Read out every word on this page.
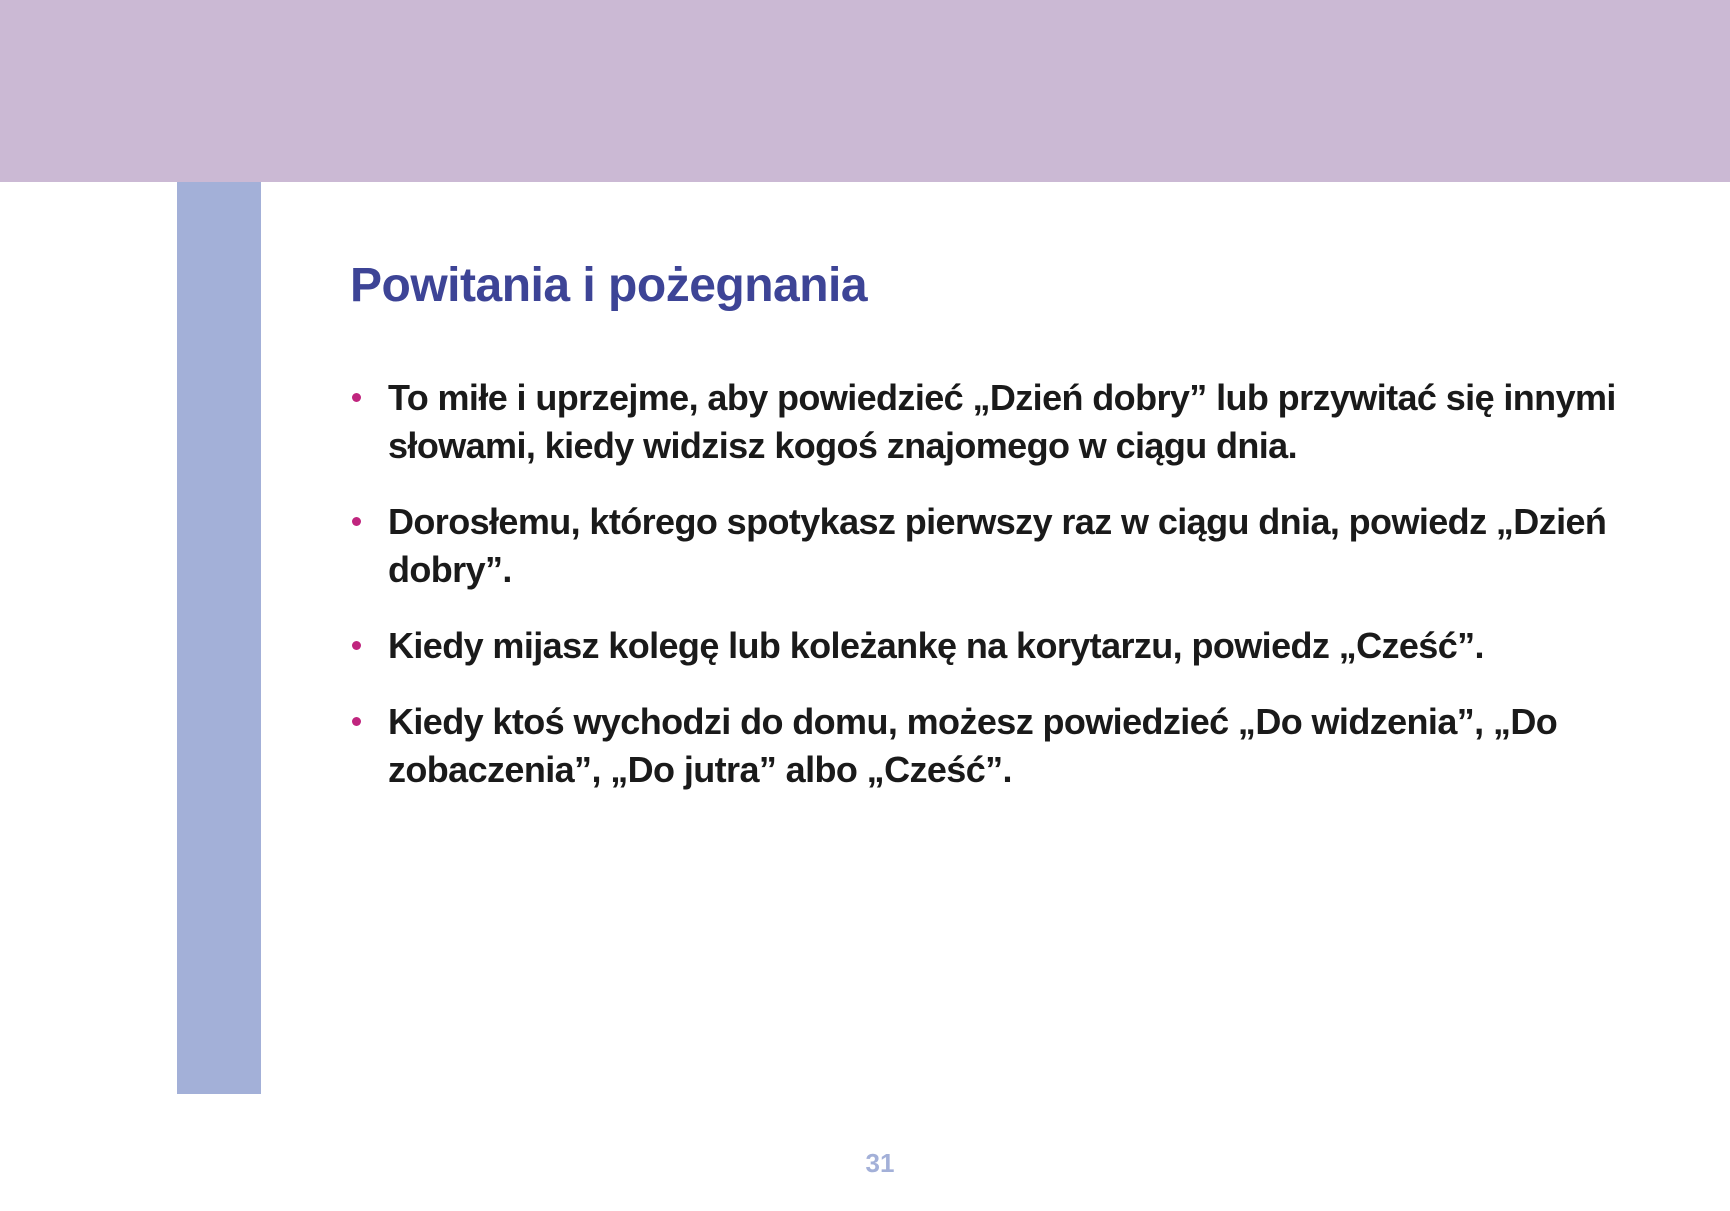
Powitania i pożegnania
To miłe i uprzejme, aby powiedzieć „Dzień dobry” lub przywitać się innymi słowami, kiedy widzisz kogoś znajomego w ciągu dnia.
Dorosłemu, którego spotykasz pierwszy raz w ciągu dnia, powiedz „Dzień dobry”.
Kiedy mijasz kolegę lub koleżankę na korytarzu, powiedz „Cześć”.
Kiedy ktoś wychodzi do domu, możesz powiedzieć „Do widzenia”, „Do zobaczenia”, „Do jutra” albo „Cześć”.
31
